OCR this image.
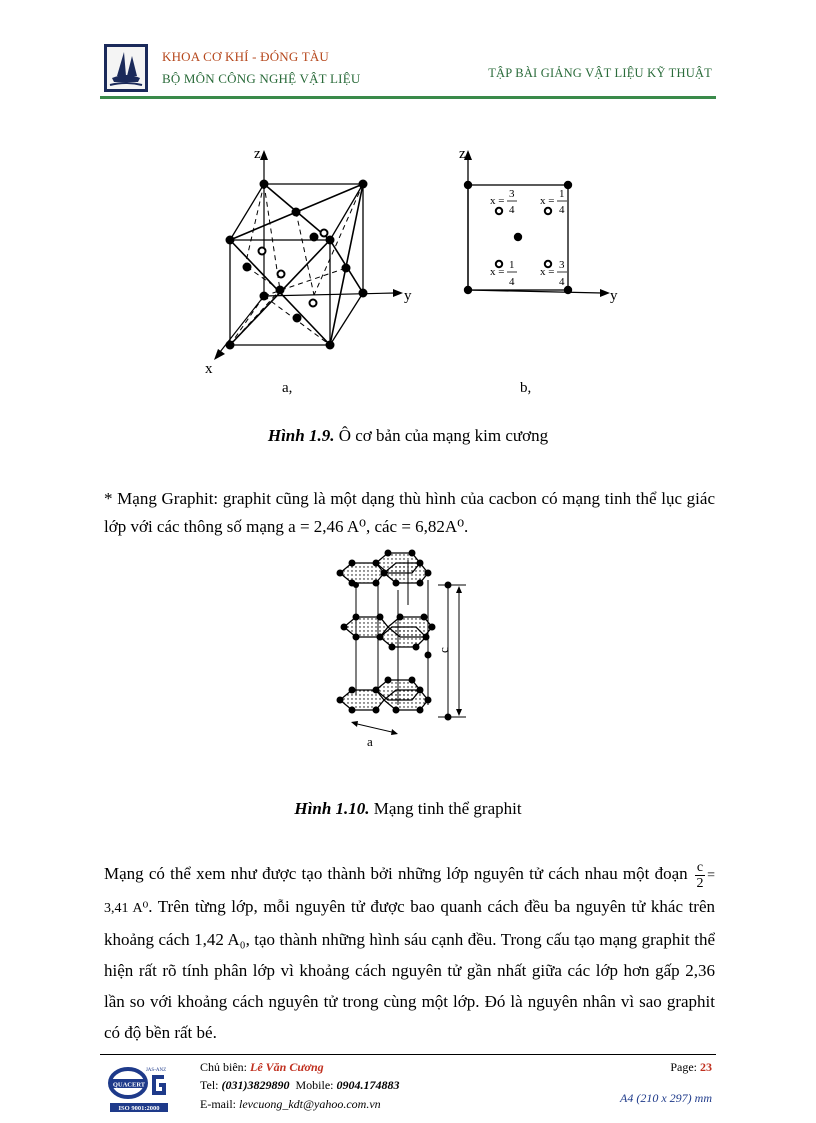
KHOA CƠ KHÍ - ĐÓNG TÀU
BỘ MÔN CÔNG NGHỆ VẬT LIỆU	TẬP BÀI GIẢNG VẬT LIỆU KỸ THUẬT
z
y
x
a,
x =
3
4
x =
1
4
x =
1
4
x =
3
4
z
y
b,
Hình 1.9. Ô cơ bản của mạng kim cương
* Mạng Graphit: graphit cũng là một dạng thù hình của cacbon có mạng tinh thể lục giác lớp với các thông số mạng a = 2,46 A⁰, các = 6,82A⁰.
c
a
Hình 1.10. Mạng tinh thể graphit
Mạng có thể xem như được tạo thành bởi những lớp nguyên tử cách nhau một đoạn $\frac{c}{2} = 3,41$ A⁰. Trên từng lớp, mỗi nguyên tử được bao quanh cách đều ba nguyên tử khác trên khoảng cách 1,42 A₀, tạo thành những hình sáu cạnh đều. Trong cấu tạo mạng graphit thể hiện rất rõ tính phân lớp vì khoảng cách nguyên tử gần nhất giữa các lớp hơn gấp 2,36 lần so với khoảng cách nguyên tử trong cùng một lớp. Đó là nguyên nhân vì sao graphit có độ bền rất bé.
QUACERT
JAS-ANZ
ISO 9001:2000
Chủ biên: Lê Văn Cương
Tel: (031)3829890  Mobile: 0904.174883
E-mail: levcuong_kdt@yahoo.com.vn
Page: 23
A4 (210 x 297) mm
